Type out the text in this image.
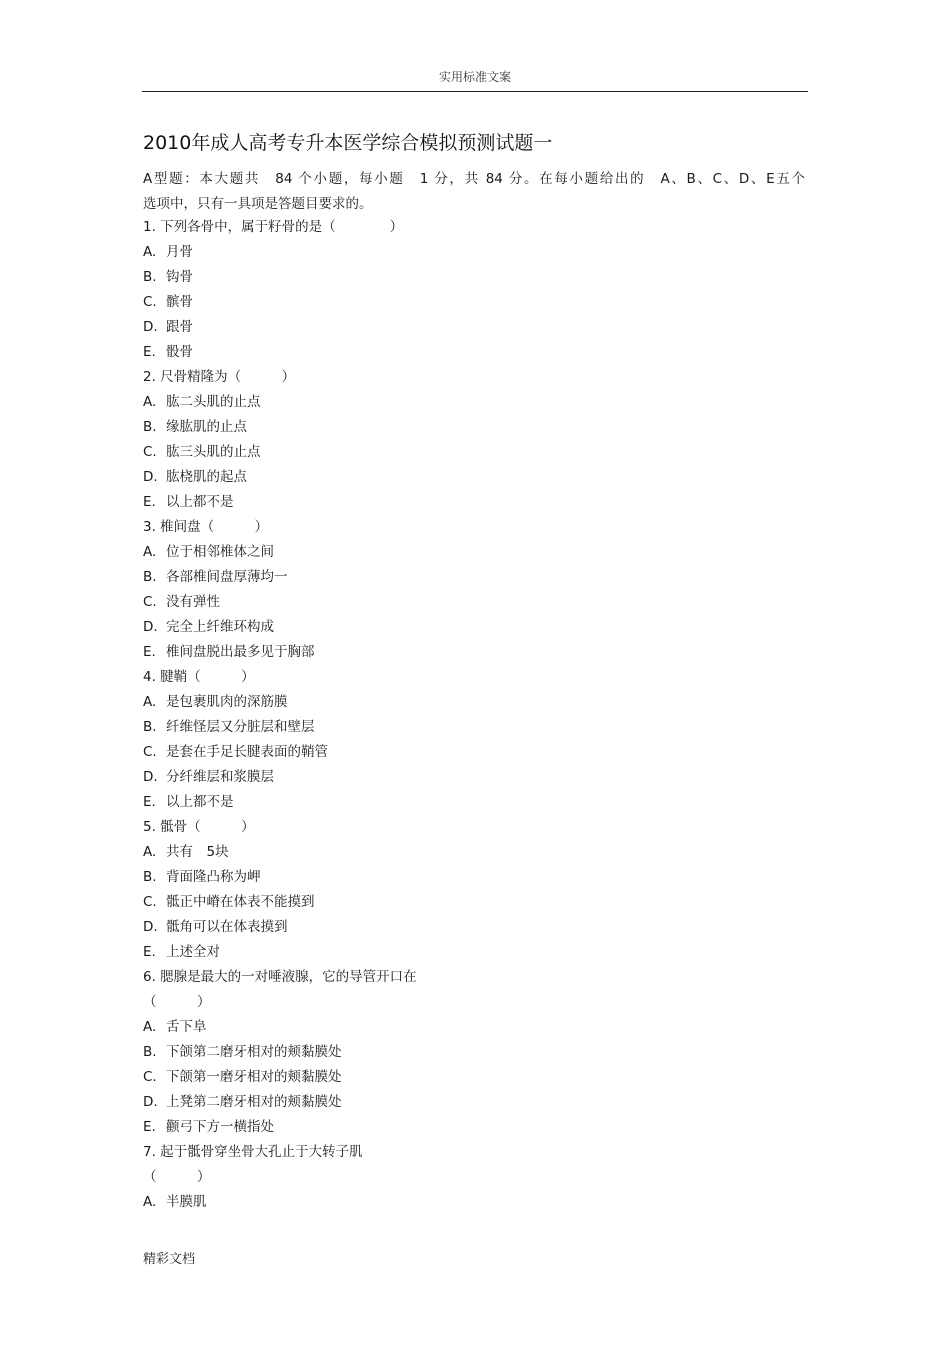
实用标准文案
2010年成人高考专升本医学综合模拟预测试题一
A型题：本大题共　84 个小题，每小题　1 分，共 84 分。在每小题给出的　A、B、C、D、E五个
选项中，只有一具项是答题目要求的。
1. 下列各骨中，属于籽骨的是（　　　　）
A. 月骨
B. 钩骨
C. 髌骨
D. 跟骨
E. 骰骨
2. 尺骨精隆为（　　　）
A. 肱二头肌的止点
B. 缘肱肌的止点
C. 肱三头肌的止点
D. 肱桡肌的起点
E. 以上都不是
3. 椎间盘（　　　）
A. 位于相邻椎体之间
B. 各部椎间盘厚薄均一
C. 没有弹性
D. 完全上纤维环构成
E. 椎间盘脱出最多见于胸部
4. 腱鞘（　　　）
A. 是包裹肌肉的深筋膜
B. 纤维怪层又分脏层和壁层
C. 是套在手足长腱表面的鞘管
D. 分纤维层和浆膜层
E. 以上都不是
5. 骶骨（　　　）
A. 共有　5块
B. 背面隆凸称为岬
C. 骶正中嵴在体表不能摸到
D. 骶角可以在体表摸到
E. 上述全对
6. 腮腺是最大的一对唾液腺，它的导管开口在
（　　　）
A. 舌下阜
B. 下颌第二磨牙相对的颊黏膜处
C. 下颌第一磨牙相对的颊黏膜处
D. 上凳第二磨牙相对的颊黏膜处
E. 颧弓下方一横指处
7. 起于骶骨穿坐骨大孔止于大转子肌
（　　　）
A. 半膜肌
精彩文档
